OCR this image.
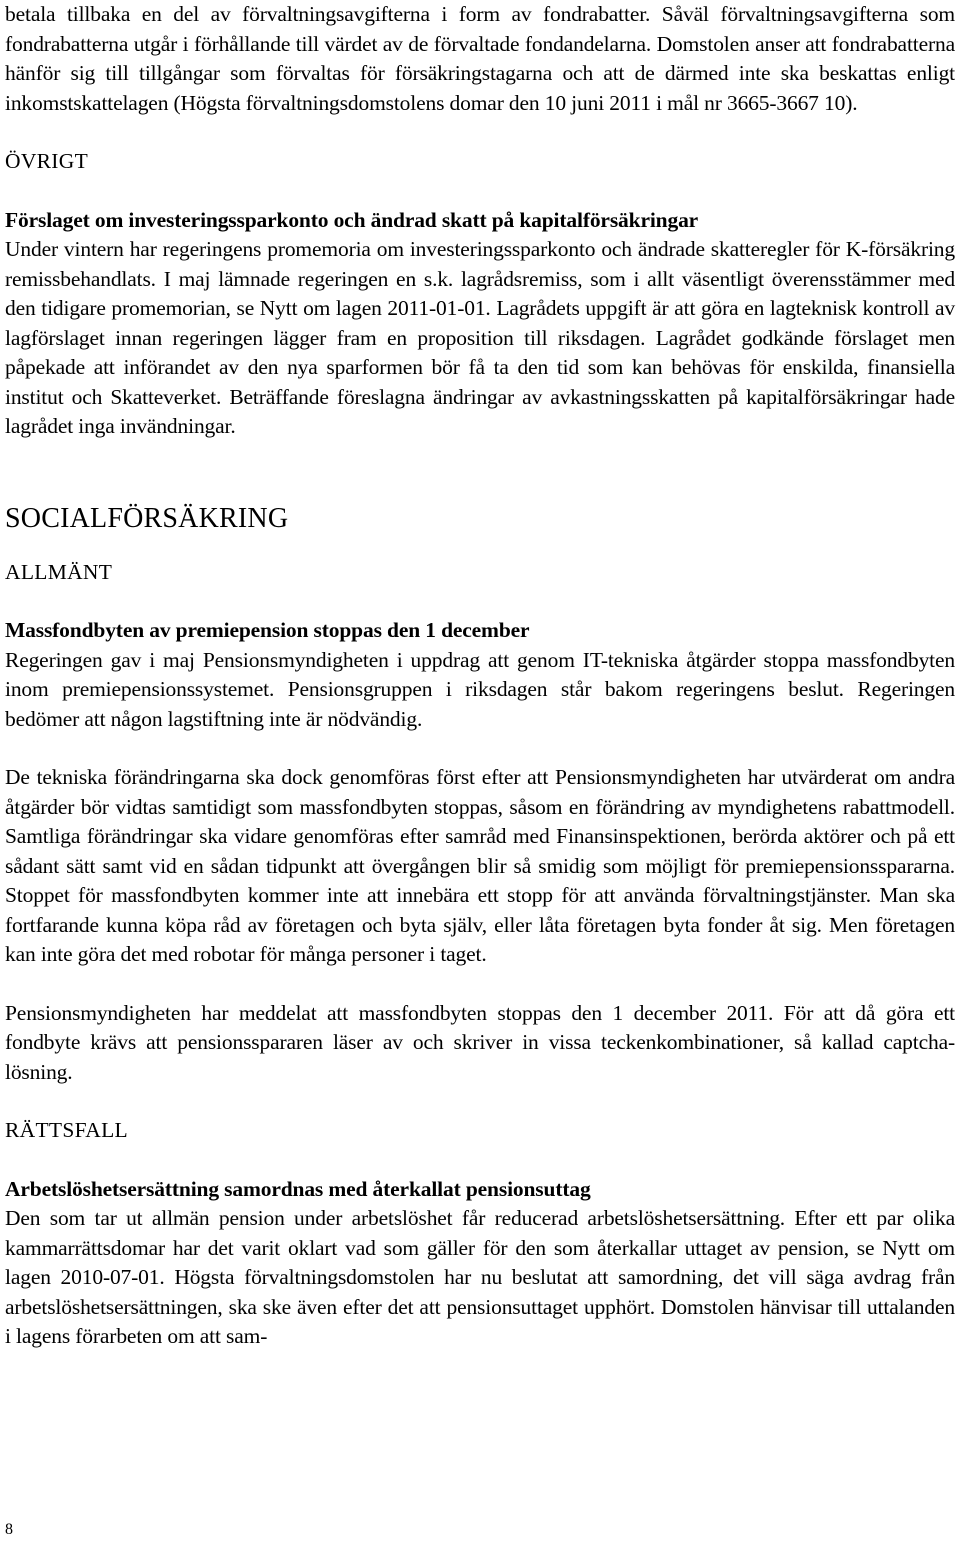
betala tillbaka en del av förvaltningsavgifterna i form av fondrabatter. Såväl förvaltningsavgifterna som fondrabatterna utgår i förhållande till värdet av de förvaltade fondandelarna. Domstolen anser att fondrabatterna hänför sig till tillgångar som förvaltas för försäkringstagarna och att de därmed inte ska beskattas enligt inkomstskattelagen (Högsta förvaltningsdomstolens domar den 10 juni 2011 i mål nr 3665-3667 10).

ÖVRIGT

Förslaget om investeringssparkonto och ändrad skatt på kapitalförsäkringar

Under vintern har regeringens promemoria om investeringssparkonto och ändrade skatteregler för K-försäkring remissbehandlats. I maj lämnade regeringen en s.k. lagrådsremiss, som i allt väsentligt överensstämmer med den tidigare promemorian, se Nytt om lagen 2011-01-01. Lagrådets uppgift är att göra en lagteknisk kontroll av lagförslaget innan regeringen lägger fram en proposition till riksdagen. Lagrådet godkände förslaget men påpekade att införandet av den nya sparformen bör få ta den tid som kan behövas för enskilda, finansiella institut och Skatteverket. Beträffande föreslagna ändringar av avkastningsskatten på kapitalförsäkringar hade lagrådet inga invändningar.

SOCIALFÖRSÄKRING

ALLMÄNT

Massfondbyten av premiepension stoppas den 1 december

Regeringen gav i maj Pensionsmyndigheten i uppdrag att genom IT-tekniska åtgärder stoppa massfondbyten inom premiepensionssystemet. Pensionsgruppen i riksdagen står bakom regeringens beslut. Regeringen bedömer att någon lagstiftning inte är nödvändig.

De tekniska förändringarna ska dock genomföras först efter att Pensionsmyndigheten har utvärderat om andra åtgärder bör vidtas samtidigt som massfondbyten stoppas, såsom en förändring av myndighetens rabattmodell. Samtliga förändringar ska vidare genomföras efter samråd med Finansinspektionen, berörda aktörer och på ett sådant sätt samt vid en sådan tidpunkt att övergången blir så smidig som möjligt för premiepensionsspararna. Stoppet för massfondbyten kommer inte att innebära ett stopp för att använda förvaltningstjänster. Man ska fortfarande kunna köpa råd av företagen och byta själv, eller låta företagen byta fonder åt sig. Men företagen kan inte göra det med robotar för många personer i taget.

Pensionsmyndigheten har meddelat att massfondbyten stoppas den 1 december 2011. För att då göra ett fondbyte krävs att pensionsspararen läser av och skriver in vissa teckenkombinationer, så kallad captcha-lösning.

RÄTTSFALL

Arbetslöshetsersättning samordnas med återkallat pensionsuttag

Den som tar ut allmän pension under arbetslöshet får reducerad arbetslöshetsersättning. Efter ett par olika kammarrättsdomar har det varit oklart vad som gäller för den som återkallar uttaget av pension, se Nytt om lagen 2010-07-01. Högsta förvaltningsdomstolen har nu beslutat att samordning, det vill säga avdrag från arbetslöshetsersättningen, ska ske även efter det att pensionsuttaget upphört. Domstolen hänvisar till uttalanden i lagens förarbeten om att sam-

8
